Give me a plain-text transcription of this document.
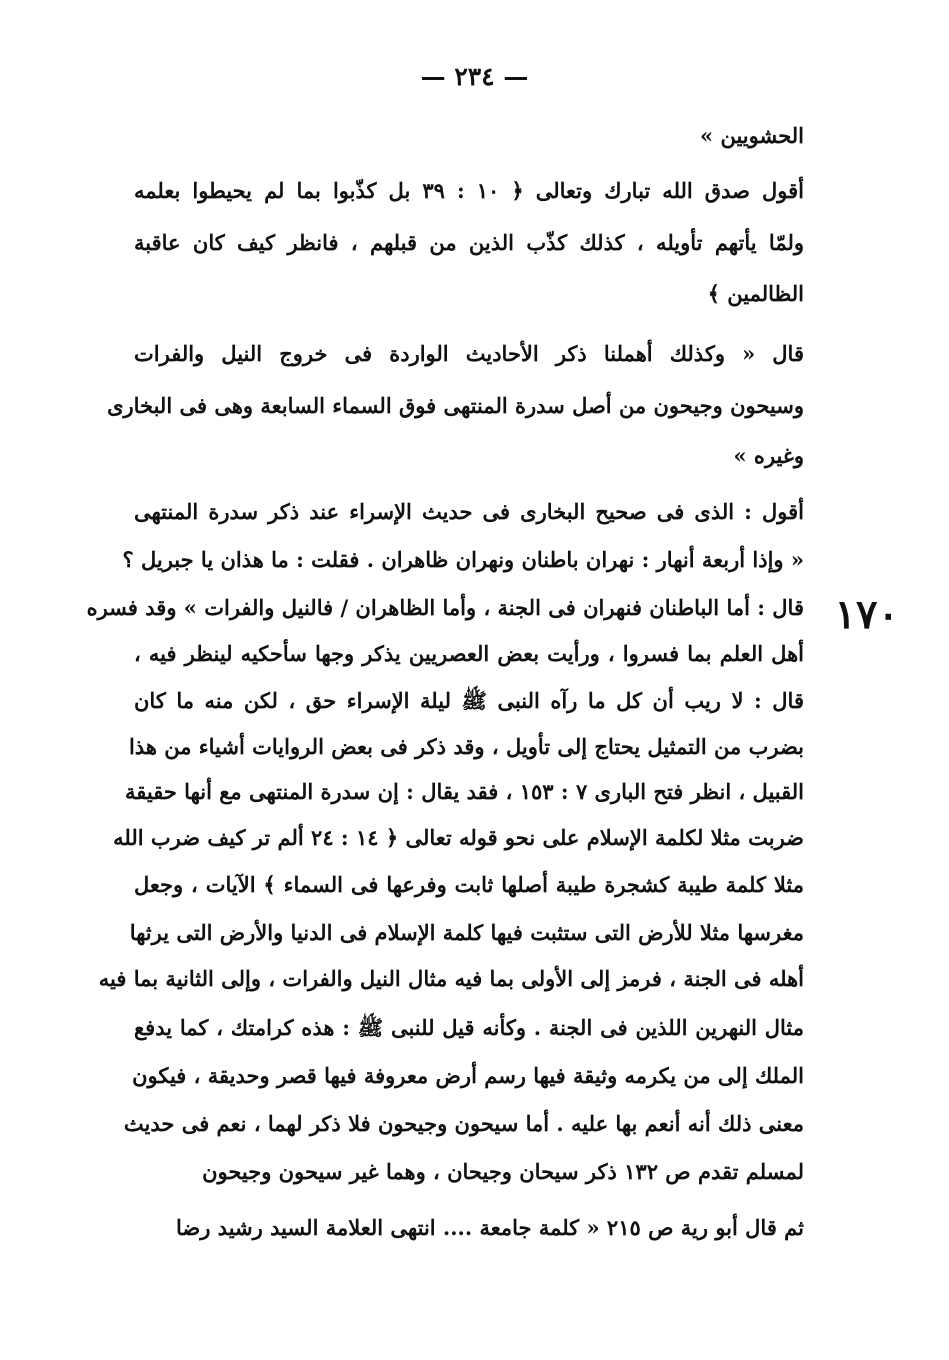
— ٢٣٤ —
١٧٠
الحشويين »
أقول صدق الله تبارك وتعالى ﴿ ١٠ : ٣٩ بل كذّبوا بما لم يحيطوا بعلمه
ولمّا يأتهم تأويله ، كذلك كذّب الذين من قبلهم ، فانظر كيف كان عاقبة
الظالمين ﴾
قال « وكذلك أهملنا ذكر الأحاديث الواردة فى خروج النيل والفرات
وسيحون وجيحون من أصل سدرة المنتهى فوق السماء السابعة وهى فى البخارى
وغيره »
أقول : الذى فى صحيح البخارى فى حديث الإسراء عند ذكر سدرة المنتهى
« وإذا أربعة أنهار : نهران باطنان ونهران ظاهران . فقلت : ما هذان يا جبريل ؟
قال : أما الباطنان فنهران فى الجنة ، وأما الظاهران / فالنيل والفرات » وقد فسره
أهل العلم بما فسروا ، ورأيت بعض العصريين يذكر وجها سأحكيه لينظر فيه ،
قال : لا ريب أن كل ما رآه النبى ﷺ ليلة الإسراء حق ، لكن منه ما كان
بضرب من التمثيل يحتاج إلى تأويل ، وقد ذكر فى بعض الروايات أشياء من هذا
القبيل ، انظر فتح البارى ٧ : ١٥٣ ، فقد يقال : إن سدرة المنتهى مع أنها حقيقة
ضربت مثلا لكلمة الإسلام على نحو قوله تعالى ﴿ ١٤ : ٢٤ ألم تر كيف ضرب الله
مثلا كلمة طيبة كشجرة طيبة أصلها ثابت وفرعها فى السماء ﴾ الآيات ، وجعل
مغرسها مثلا للأرض التى ستثبت فيها كلمة الإسلام فى الدنيا والأرض التى يرثها
أهله فى الجنة ، فرمز إلى الأولى بما فيه مثال النيل والفرات ، وإلى الثانية بما فيه
مثال النهرين اللذين فى الجنة . وكأنه قيل للنبى ﷺ : هذه كرامتك ، كما يدفع
الملك إلى من يكرمه وثيقة فيها رسم أرض معروفة فيها قصر وحديقة ، فيكون
معنى ذلك أنه أنعم بها عليه . أما سيحون وجيحون فلا ذكر لهما ، نعم فى حديث
لمسلم تقدم ص ١٣٢ ذكر سيحان وجيحان ، وهما غير سيحون وجيحون
ثم قال أبو رية ص ٢١٥ « كلمة جامعة .... انتهى العلامة السيد رشيد رضا
